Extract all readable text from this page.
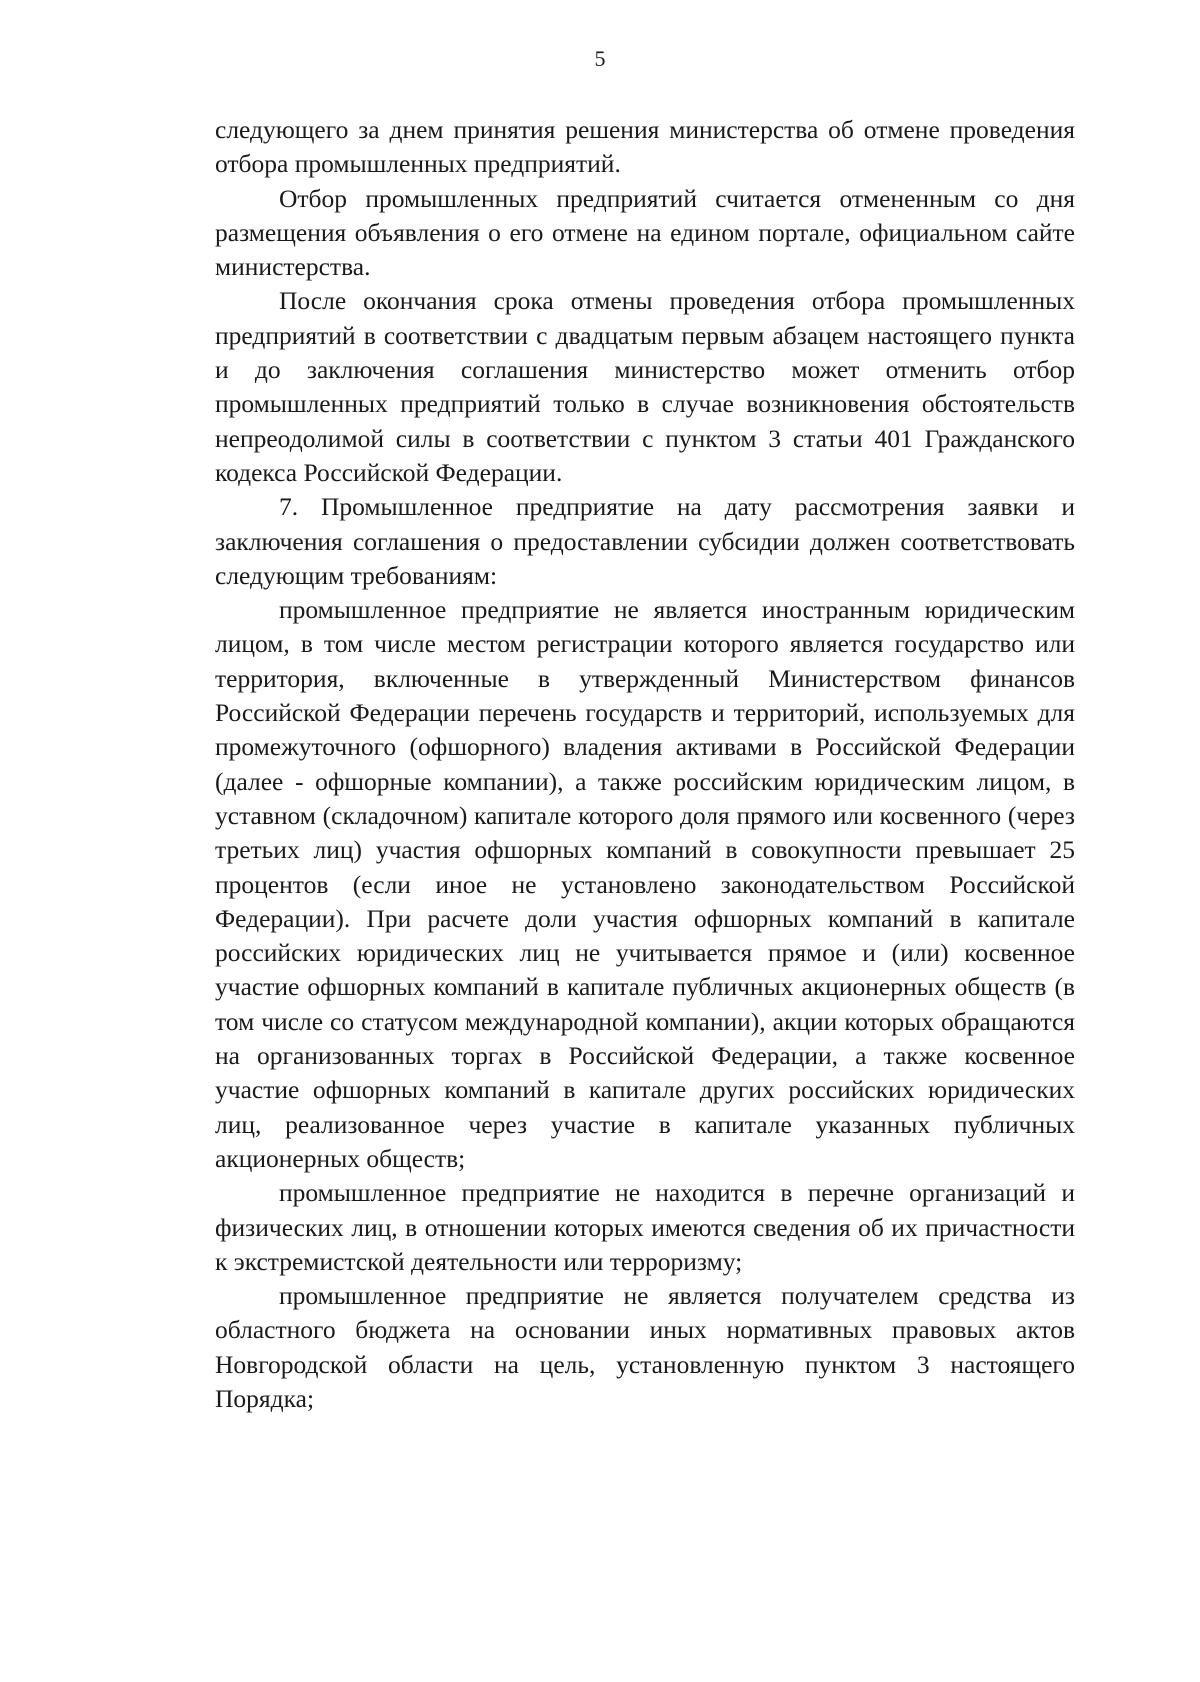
5

следующего за днем принятия решения министерства об отмене проведения отбора промышленных предприятий.

Отбор промышленных предприятий считается отмененным со дня размещения объявления о его отмене на едином портале, официальном сайте министерства.

После окончания срока отмены проведения отбора промышленных предприятий в соответствии с двадцатым первым абзацем настоящего пункта и до заключения соглашения министерство может отменить отбор промышленных предприятий только в случае возникновения обстоятельств непреодолимой силы в соответствии с пунктом 3 статьи 401 Гражданского кодекса Российской Федерации.

7. Промышленное предприятие на дату рассмотрения заявки и заключения соглашения о предоставлении субсидии должен соответствовать следующим требованиям:

промышленное предприятие не является иностранным юридическим лицом, в том числе местом регистрации которого является государство или территория, включенные в утвержденный Министерством финансов Российской Федерации перечень государств и территорий, используемых для промежуточного (офшорного) владения активами в Российской Федерации (далее - офшорные компании), а также российским юридическим лицом, в уставном (складочном) капитале которого доля прямого или косвенного (через третьих лиц) участия офшорных компаний в совокупности превышает 25 процентов (если иное не установлено законодательством Российской Федерации). При расчете доли участия офшорных компаний в капитале российских юридических лиц не учитывается прямое и (или) косвенное участие офшорных компаний в капитале публичных акционерных обществ (в том числе со статусом международной компании), акции которых обращаются на организованных торгах в Российской Федерации, а также косвенное участие офшорных компаний в капитале других российских юридических лиц, реализованное через участие в капитале указанных публичных акционерных обществ;

промышленное предприятие не находится в перечне организаций и физических лиц, в отношении которых имеются сведения об их причастности к экстремистской деятельности или терроризму;

промышленное предприятие не является получателем средства из областного бюджета на основании иных нормативных правовых актов Новгородской области на цель, установленную пунктом 3 настоящего Порядка;
